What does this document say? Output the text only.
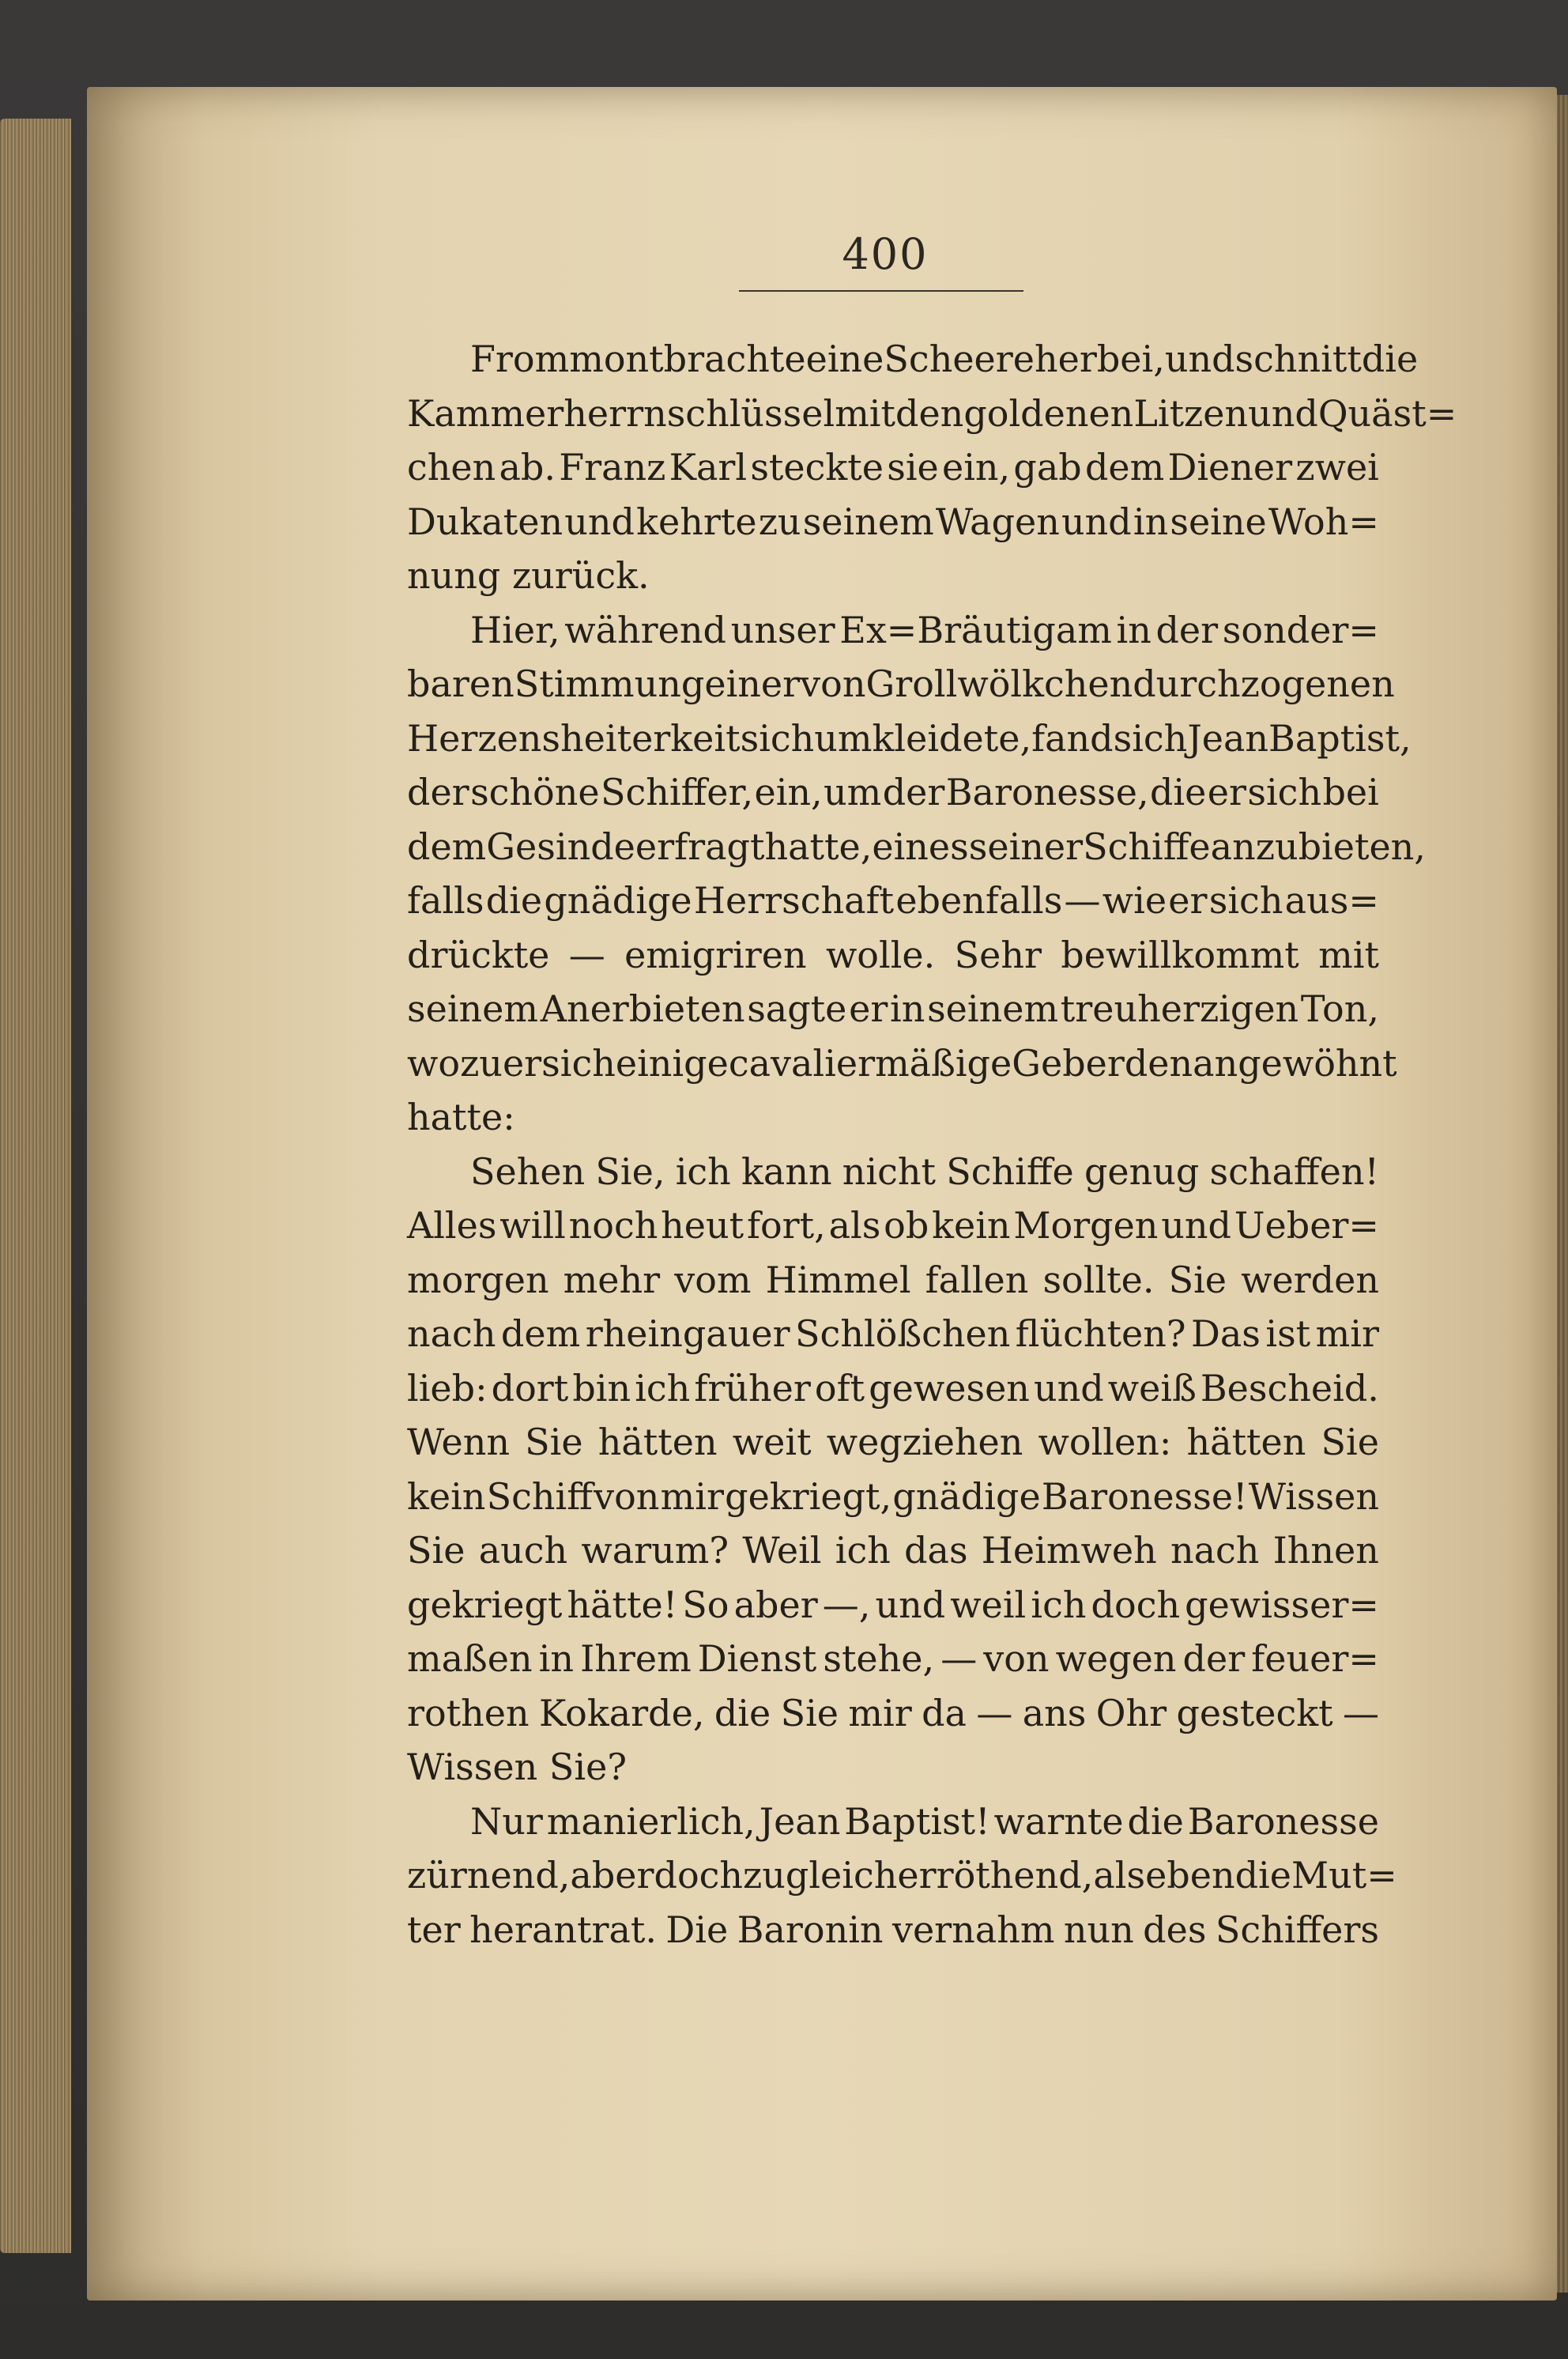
400
Frommont brachte eine Scheere herbei, und schnitt die
Kammerherrnschlüssel mit den goldenen Litzen und Quäst=
chen ab. Franz Karl steckte sie ein, gab dem Diener zwei
Dukaten und kehrte zu seinem Wagen und in seine Woh=
nung zurück.
Hier, während unser Ex=Bräutigam in der sonder=
baren Stimmung einer von Grollwölkchen durchzogenen
Herzensheiterkeit sich umkleidete, fand sich Jean Baptist,
der schöne Schiffer, ein, um der Baronesse, die er sich bei
dem Gesinde erfragt hatte, eines seiner Schiffe anzubieten,
falls die gnädige Herrschaft ebenfalls — wie er sich aus=
drückte — emigriren wolle. Sehr bewillkommt mit
seinem Anerbieten sagte er in seinem treuherzigen Ton,
wozu er sich einige cavaliermäßige Geberden angewöhnt
hatte:
Sehen Sie, ich kann nicht Schiffe genug schaffen!
Alles will noch heut fort, als ob kein Morgen und Ueber=
morgen mehr vom Himmel fallen sollte. Sie werden
nach dem rheingauer Schlößchen flüchten? Das ist mir
lieb: dort bin ich früher oft gewesen und weiß Bescheid.
Wenn Sie hätten weit wegziehen wollen: hätten Sie
kein Schiff von mir gekriegt, gnädige Baronesse! Wissen
Sie auch warum? Weil ich das Heimweh nach Ihnen
gekriegt hätte! So aber —, und weil ich doch gewisser=
maßen in Ihrem Dienst stehe, — von wegen der feuer=
rothen Kokarde, die Sie mir da — ans Ohr gesteckt —
Wissen Sie?
Nur manierlich, Jean Baptist! warnte die Baronesse
zürnend, aber doch zugleich erröthend, als eben die Mut=
ter herantrat. Die Baronin vernahm nun des Schiffers
